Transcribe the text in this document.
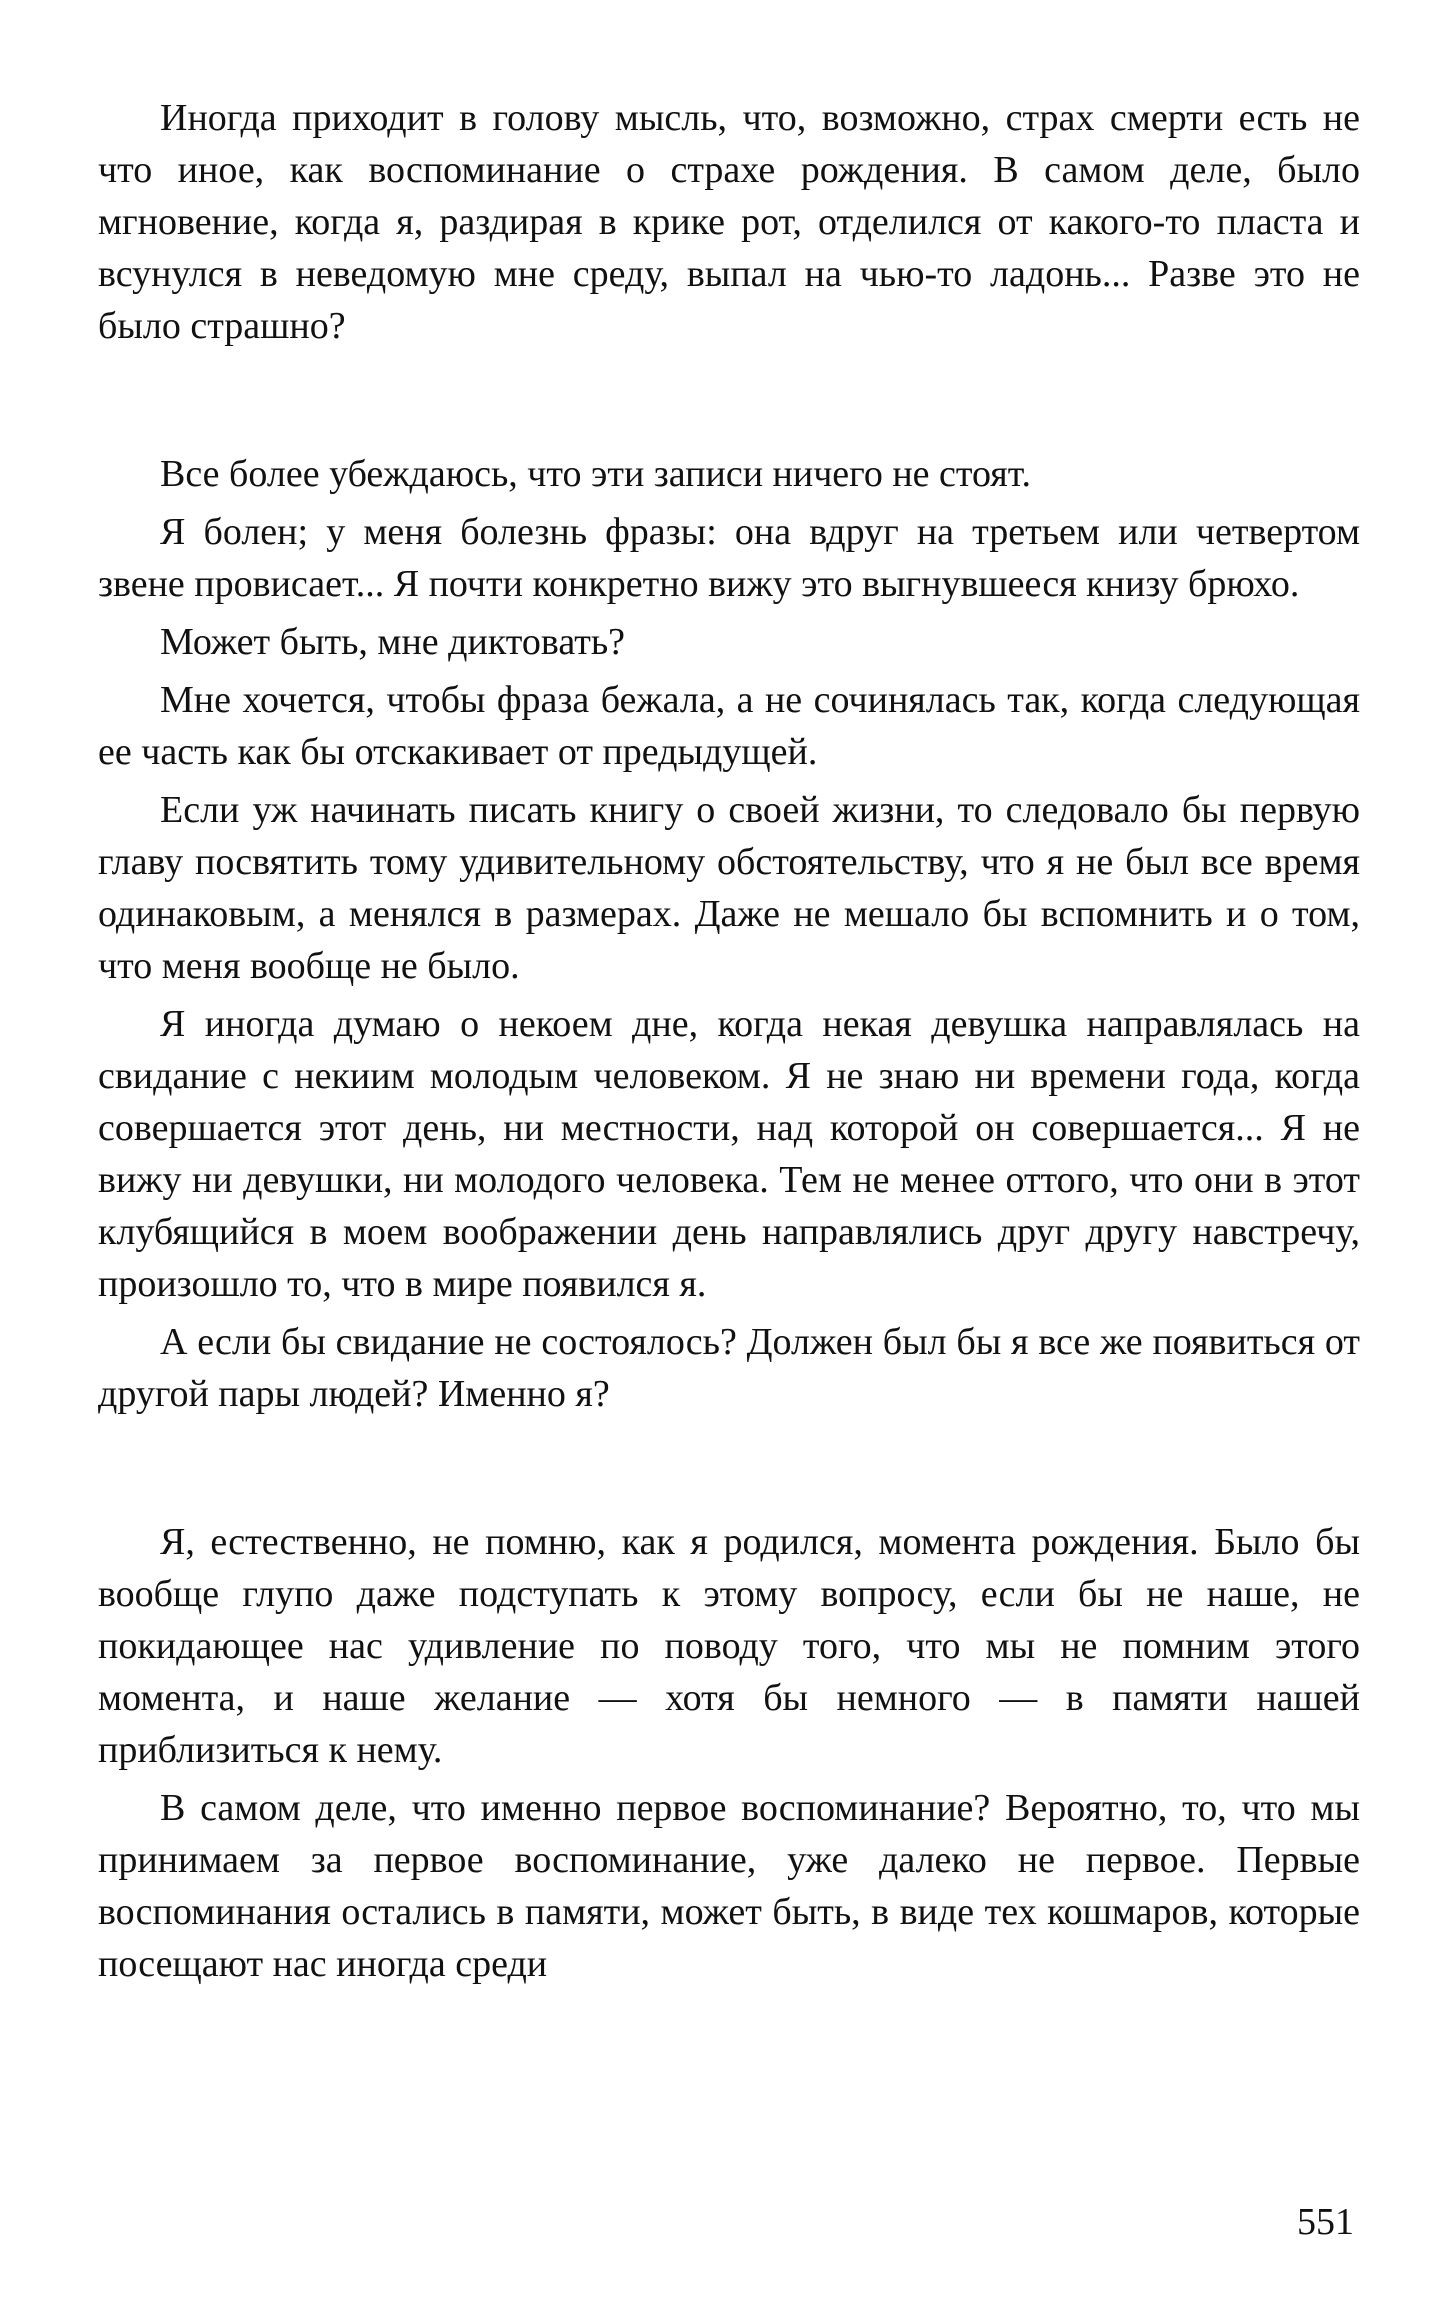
Иногда приходит в голову мысль, что, возможно, страх смерти есть не что иное, как воспоминание о страхе рождения. В самом деле, было мгновение, когда я, раздирая в крике рот, отделился от какого-то пласта и всунулся в неведомую мне среду, выпал на чью-то ладонь... Разве это не было страшно?

Все более убеждаюсь, что эти записи ничего не стоят.

Я болен; у меня болезнь фразы: она вдруг на третьем или четвертом звене провисает... Я почти конкретно вижу это выгнувшееся книзу брюхо.

Может быть, мне диктовать?

Мне хочется, чтобы фраза бежала, а не сочинялась так, когда следующая ее часть как бы отскакивает от предыдущей.

Если уж начинать писать книгу о своей жизни, то следовало бы первую главу посвятить тому удивительному обстоятельству, что я не был все время одинаковым, а менялся в размерах. Даже не мешало бы вспомнить и о том, что меня вообще не было.

Я иногда думаю о некоем дне, когда некая девушка направлялась на свидание с некиим молодым человеком. Я не знаю ни времени года, когда совершается этот день, ни местности, над которой он совершается... Я не вижу ни девушки, ни молодого человека. Тем не менее оттого, что они в этот клубящийся в моем воображении день направлялись друг другу навстречу, произошло то, что в мире появился я.

А если бы свидание не состоялось? Должен был бы я все же появиться от другой пары людей? Именно я?

Я, естественно, не помню, как я родился, момента рождения. Было бы вообще глупо даже подступать к этому вопросу, если бы не наше, не покидающее нас удивление по поводу того, что мы не помним этого момента, и наше желание — хотя бы немного — в памяти нашей приблизиться к нему.

В самом деле, что именно первое воспоминание? Вероятно, то, что мы принимаем за первое воспоминание, уже далеко не первое. Первые воспоминания остались в памяти, может быть, в виде тех кошмаров, которые посещают нас иногда среди

551
